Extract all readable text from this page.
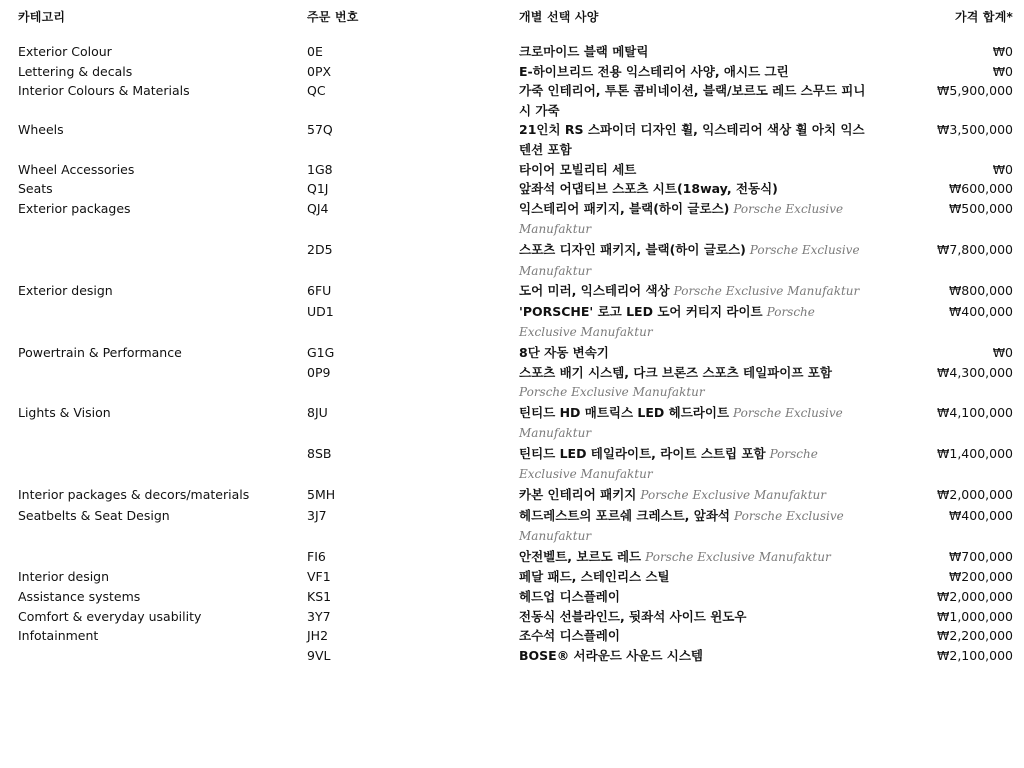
카테고리	주문 번호	개별 선택 사양	가격 합계*
Exterior Colour	0E	크로마이드 블랙 메탈릭	₩0
Lettering & decals	0PX	E-하이브리드 전용 익스테리어 사양, 애시드 그린	₩0
Interior Colours & Materials	QC	가죽 인테리어, 투톤 콤비네이션, 블랙/보르도 레드 스무드 피니시 가죽	₩5,900,000
Wheels	57Q	21인치 RS 스파이더 디자인 휠, 익스테리어 색상 휠 아치 익스텐션 포함	₩3,500,000
Wheel Accessories	1G8	타이어 모빌리티 세트	₩0
Seats	Q1J	앞좌석 어댑티브 스포츠 시트(18way, 전동식)	₩600,000
Exterior packages	QJ4	익스테리어 패키지, 블랙(하이 글로스) Porsche Exclusive Manufaktur	₩500,000
	2D5	스포츠 디자인 패키지, 블랙(하이 글로스) Porsche Exclusive Manufaktur	₩7,800,000
Exterior design	6FU	도어 미러, 익스테리어 색상 Porsche Exclusive Manufaktur	₩800,000
	UD1	'PORSCHE' 로고 LED 도어 커티지 라이트 Porsche Exclusive Manufaktur	₩400,000
Powertrain & Performance	G1G	8단 자동 변속기	₩0
	0P9	스포츠 배기 시스템, 다크 브론즈 스포츠 테일파이프 포함 Porsche Exclusive Manufaktur	₩4,300,000
Lights & Vision	8JU	틴티드 HD 매트릭스 LED 헤드라이트 Porsche Exclusive Manufaktur	₩4,100,000
	8SB	틴티드 LED 테일라이트, 라이트 스트립 포함 Porsche Exclusive Manufaktur	₩1,400,000
Interior packages & decors/materials	5MH	카본 인테리어 패키지 Porsche Exclusive Manufaktur	₩2,000,000
Seatbelts & Seat Design	3J7	헤드레스트의 포르쉐 크레스트, 앞좌석 Porsche Exclusive Manufaktur	₩400,000
	FI6	안전벨트, 보르도 레드 Porsche Exclusive Manufaktur	₩700,000
Interior design	VF1	페달 패드, 스테인리스 스틸	₩200,000
Assistance systems	KS1	헤드업 디스플레이	₩2,000,000
Comfort & everyday usability	3Y7	전동식 선블라인드, 뒷좌석 사이드 윈도우	₩1,000,000
Infotainment	JH2	조수석 디스플레이	₩2,200,000
	9VL	BOSE® 서라운드 사운드 시스템	₩2,100,000
